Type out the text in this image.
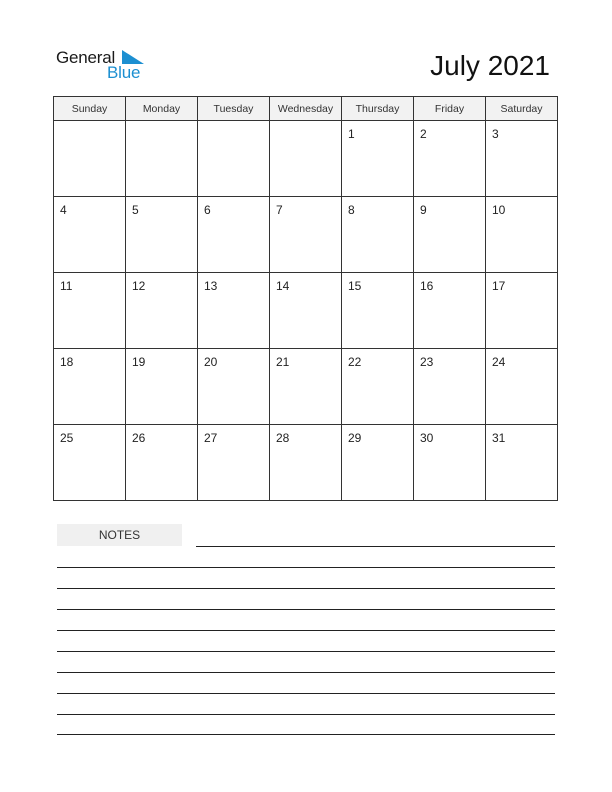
General
Blue	July 2021
Sunday	Monday	Tuesday	Wednesday	Thursday	Friday	Saturday

				1	2	3

4	5	6	7	8	9	10

11	12	13	14	15	16	17

18	19	20	21	22	23	24

25	26	27	28	29	30	31
NOTES
